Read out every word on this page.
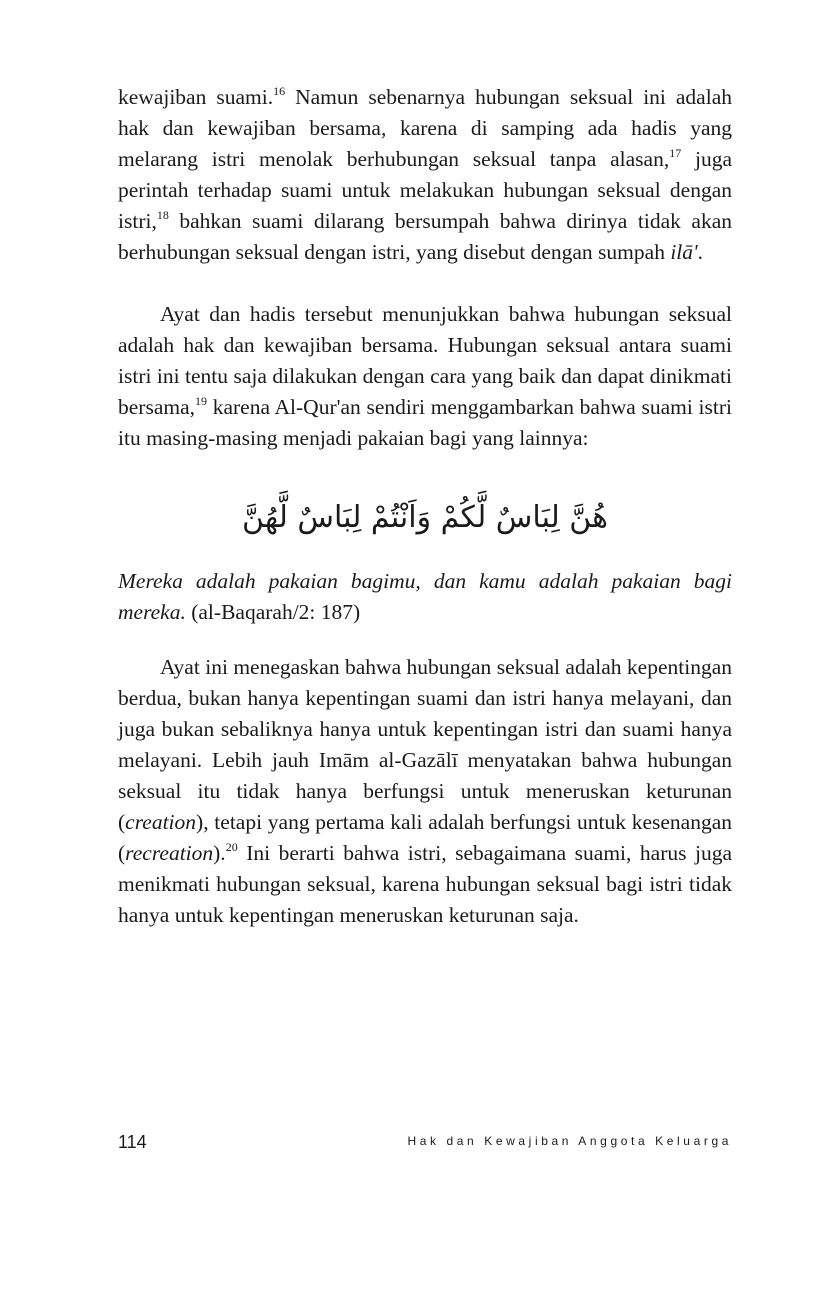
kewajiban suami.$^{16}$ Namun sebenarnya hubungan seksual ini adalah hak dan kewajiban bersama, karena di samping ada hadis yang melarang istri menolak berhubungan seksual tanpa alasan,$^{17}$ juga perintah terhadap suami untuk melakukan hubungan seksual dengan istri,$^{18}$ bahkan suami dilarang bersumpah bahwa dirinya tidak akan berhubungan seksual dengan istri, yang disebut dengan sumpah ilā'.
Ayat dan hadis tersebut menunjukkan bahwa hubungan seksual adalah hak dan kewajiban bersama. Hubungan seksual antara suami istri ini tentu saja dilakukan dengan cara yang baik dan dapat dinikmati bersama,$^{19}$ karena Al-Qur'an sendiri menggambarkan bahwa suami istri itu masing-masing menjadi pakaian bagi yang lainnya:
هُنَّ لِبَاسٌ لَّكُمْ وَاَنْتُمْ لِبَاسٌ لَّهُنَّ
Mereka adalah pakaian bagimu, dan kamu adalah pakaian bagi mereka. (al-Baqarah/2: 187)
Ayat ini menegaskan bahwa hubungan seksual adalah kepentingan berdua, bukan hanya kepentingan suami dan istri hanya melayani, dan juga bukan sebaliknya hanya untuk kepentingan istri dan suami hanya melayani. Lebih jauh Imām al-Gazālī menyatakan bahwa hubungan seksual itu tidak hanya berfungsi untuk meneruskan keturunan (creation), tetapi yang pertama kali adalah berfungsi untuk kesenangan (recreation).$^{20}$ Ini berarti bahwa istri, sebagaimana suami, harus juga menikmati hubungan seksual, karena hubungan seksual bagi istri tidak hanya untuk kepentingan meneruskan keturunan saja.
114	Hak dan Kewajiban Anggota Keluarga
